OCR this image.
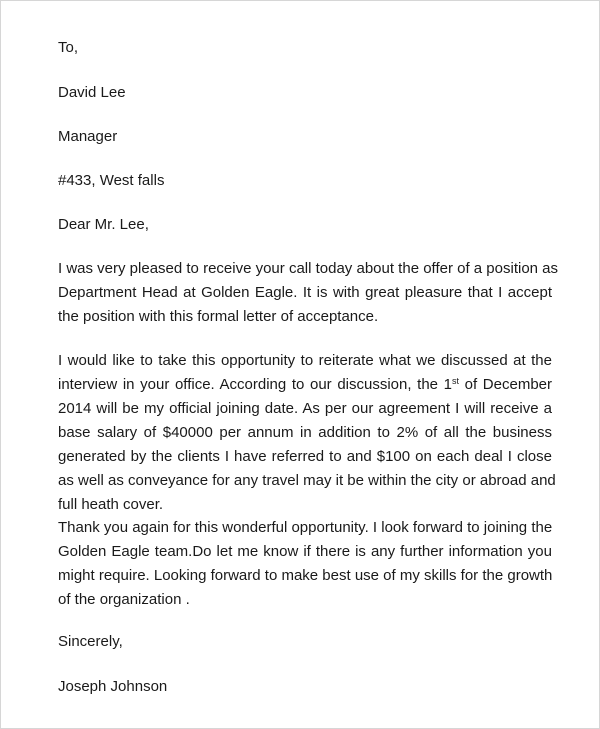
To,
David Lee
Manager
#433, West falls
Dear Mr. Lee,
I was very pleased to receive your call today about the offer of a position as
Department Head at Golden Eagle. It is with great pleasure that I accept
the position with this formal letter of acceptance.
I would like to take this opportunity to reiterate what we discussed at the
interview in your office. According to our discussion, the 1st of December
2014 will be my official joining date. As per our agreement I will receive a
base salary of $40000 per annum in addition to 2% of all the business
generated by the clients I have referred to and $100 on each deal I close
as well as conveyance for any travel may it be within the city or abroad and
full heath cover.
Thank you again for this wonderful opportunity. I look forward to joining the
Golden Eagle team.Do let me know if there is any further information you
might require. Looking forward to make best use of my skills for the growth
of the organization .
Sincerely,
Joseph Johnson
